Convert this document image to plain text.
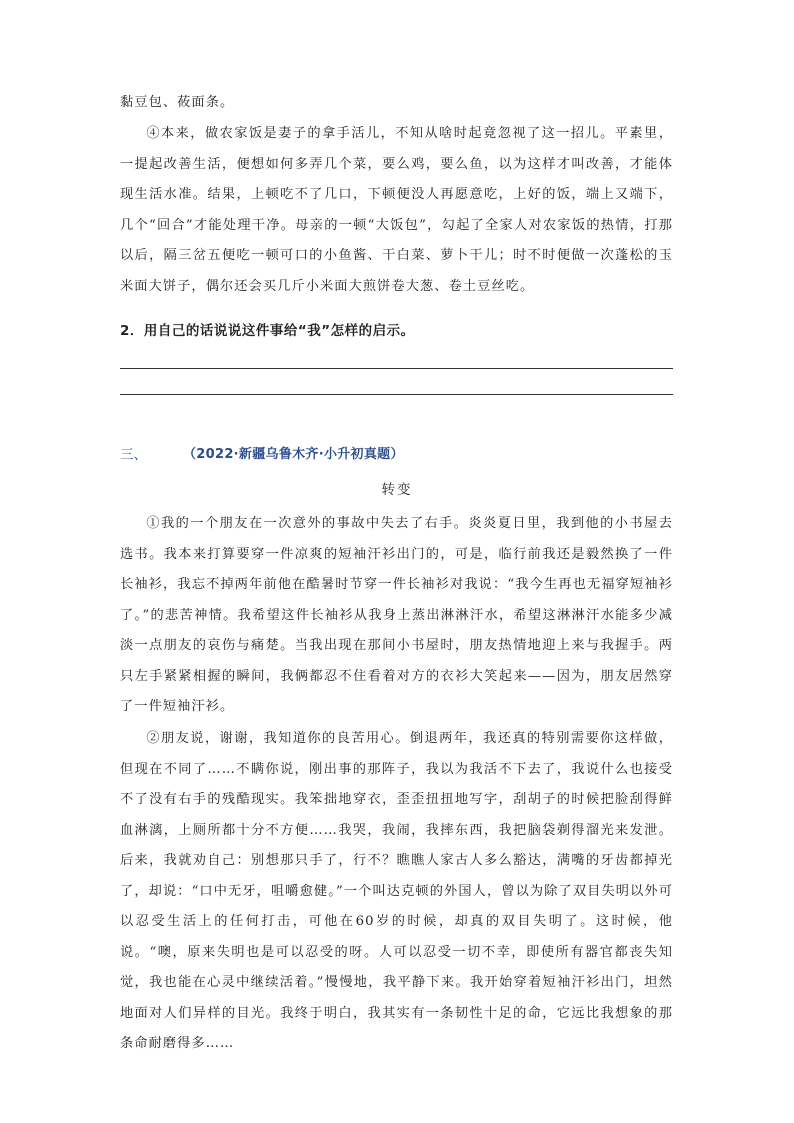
黏豆包、莜面条。

④本来，做农家饭是妻子的拿手活儿，不知从啥时起竟忽视了这一招儿。平素里，一提起改善生活，便想如何多弄几个菜，要么鸡，要么鱼，以为这样才叫改善，才能体现生活水准。结果，上顿吃不了几口，下顿便没人再愿意吃，上好的饭，端上又端下，几个“回合”才能处理干净。母亲的一顿“大饭包”，勾起了全家人对农家饭的热情，打那以后，隔三岔五便吃一顿可口的小鱼酱、干白菜、萝卜干儿；时不时便做一次蓬松的玉米面大饼子，偶尔还会买几斤小米面大煎饼卷大葱、卷土豆丝吃。

2．用自己的话说说这件事给“我”怎样的启示。
三、	（2022·新疆乌鲁木齐·小升初真题）
转变

①我的一个朋友在一次意外的事故中失去了右手。炎炎夏日里，我到他的小书屋去选书。我本来打算要穿一件凉爽的短袖汗衫出门的，可是，临行前我还是毅然换了一件长袖衫，我忘不掉两年前他在酷暑时节穿一件长袖衫对我说：“我今生再也无福穿短袖衫了。”的悲苦神情。我希望这件长袖衫从我身上蒸出淋淋汗水，希望这淋淋汗水能多少减淡一点朋友的哀伤与痛楚。当我出现在那间小书屋时，朋友热情地迎上来与我握手。两只左手紧紧相握的瞬间，我俩都忍不住看着对方的衣衫大笑起来——因为，朋友居然穿了一件短袖汗衫。

②朋友说，谢谢，我知道你的良苦用心。倒退两年，我还真的特别需要你这样做，但现在不同了……不瞒你说，刚出事的那阵子，我以为我活不下去了，我说什么也接受不了没有右手的残酷现实。我笨拙地穿衣，歪歪扭扭地写字，刮胡子的时候把脸刮得鲜血淋漓，上厕所都十分不方便……我哭，我闹，我摔东西，我把脑袋剃得溜光来发泄。后来，我就劝自己：别想那只手了，行不？瞧瞧人家古人多么豁达，满嘴的牙齿都掉光了，却说：“口中无牙，咀嚼愈健。”一个叫达克顿的外国人，曾以为除了双目失明以外可以忍受生活上的任何打击，可他在60岁的时候，却真的双目失明了。这时候，他说。“噢，原来失明也是可以忍受的呀。人可以忍受一切不幸，即使所有器官都丧失知觉，我也能在心灵中继续活着。”慢慢地，我平静下来。我开始穿着短袖汗衫出门，坦然地面对人们异样的目光。我终于明白，我其实有一条韧性十足的命，它远比我想象的那条命耐磨得多……
